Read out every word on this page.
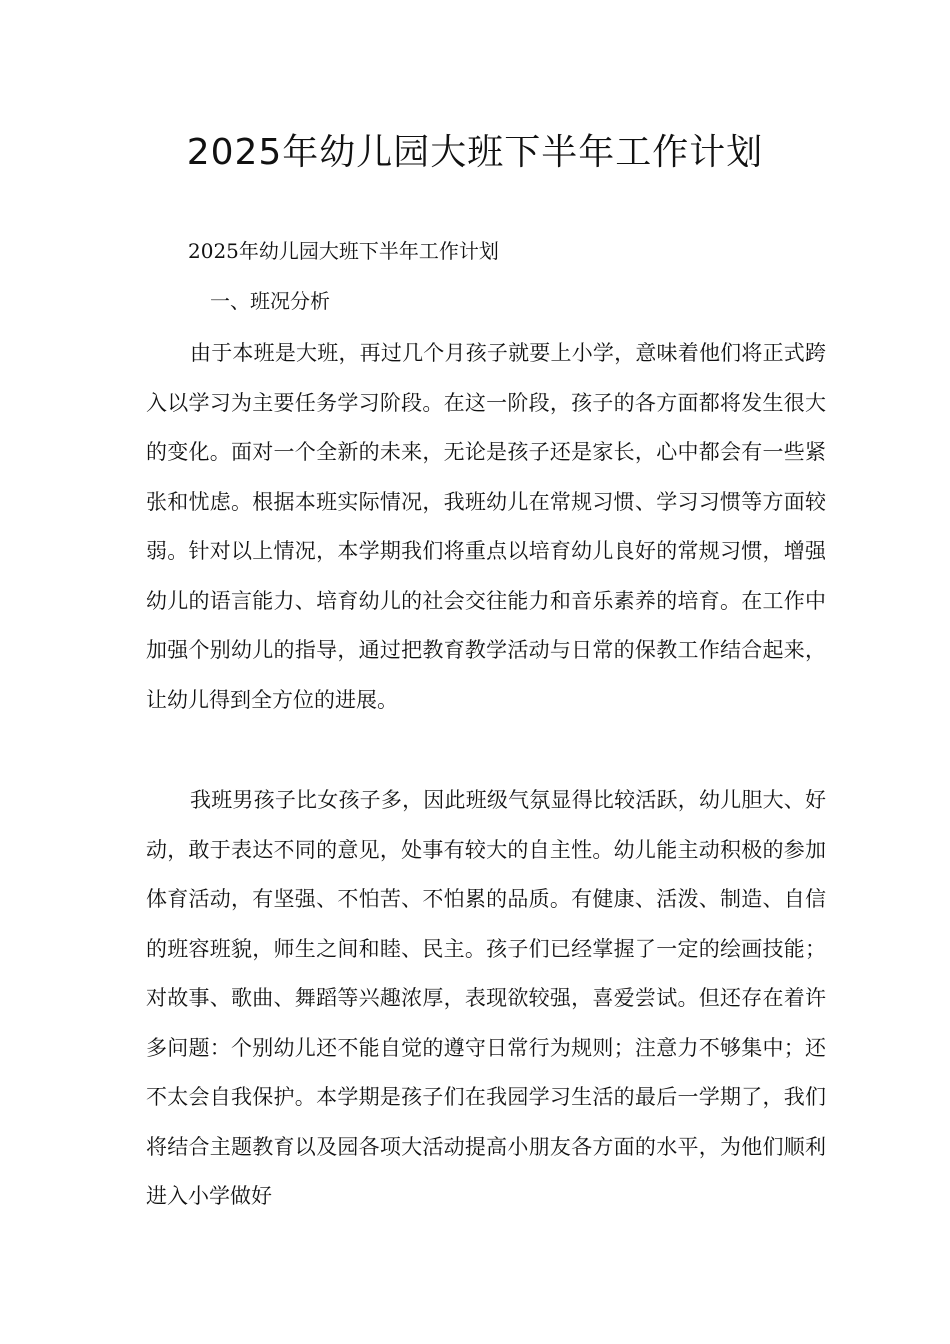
2025年幼儿园大班下半年工作计划

2025年幼儿园大班下半年工作计划

一、班况分析

由于本班是大班，再过几个月孩子就要上小学，意味着他们将正式跨入以学习为主要任务学习阶段。在这一阶段，孩子的各方面都将发生很大的变化。面对一个全新的未来，无论是孩子还是家长，心中都会有一些紧张和忧虑。根据本班实际情况，我班幼儿在常规习惯、学习习惯等方面较弱。针对以上情况，本学期我们将重点以培育幼儿良好的常规习惯，增强幼儿的语言能力、培育幼儿的社会交往能力和音乐素养的培育。在工作中加强个别幼儿的指导，通过把教育教学活动与日常的保教工作结合起来，让幼儿得到全方位的进展。

我班男孩子比女孩子多，因此班级气氛显得比较活跃，幼儿胆大、好动，敢于表达不同的意见，处事有较大的自主性。幼儿能主动积极的参加体育活动，有坚强、不怕苦、不怕累的品质。有健康、活泼、制造、自信的班容班貌，师生之间和睦、民主。孩子们已经掌握了一定的绘画技能；对故事、歌曲、舞蹈等兴趣浓厚，表现欲较强，喜爱尝试。但还存在着许多问题：个别幼儿还不能自觉的遵守日常行为规则；注意力不够集中；还不太会自我保护。本学期是孩子们在我园学习生活的最后一学期了，我们将结合主题教育以及园各项大活动提高小朋友各方面的水平，为他们顺利进入小学做好
